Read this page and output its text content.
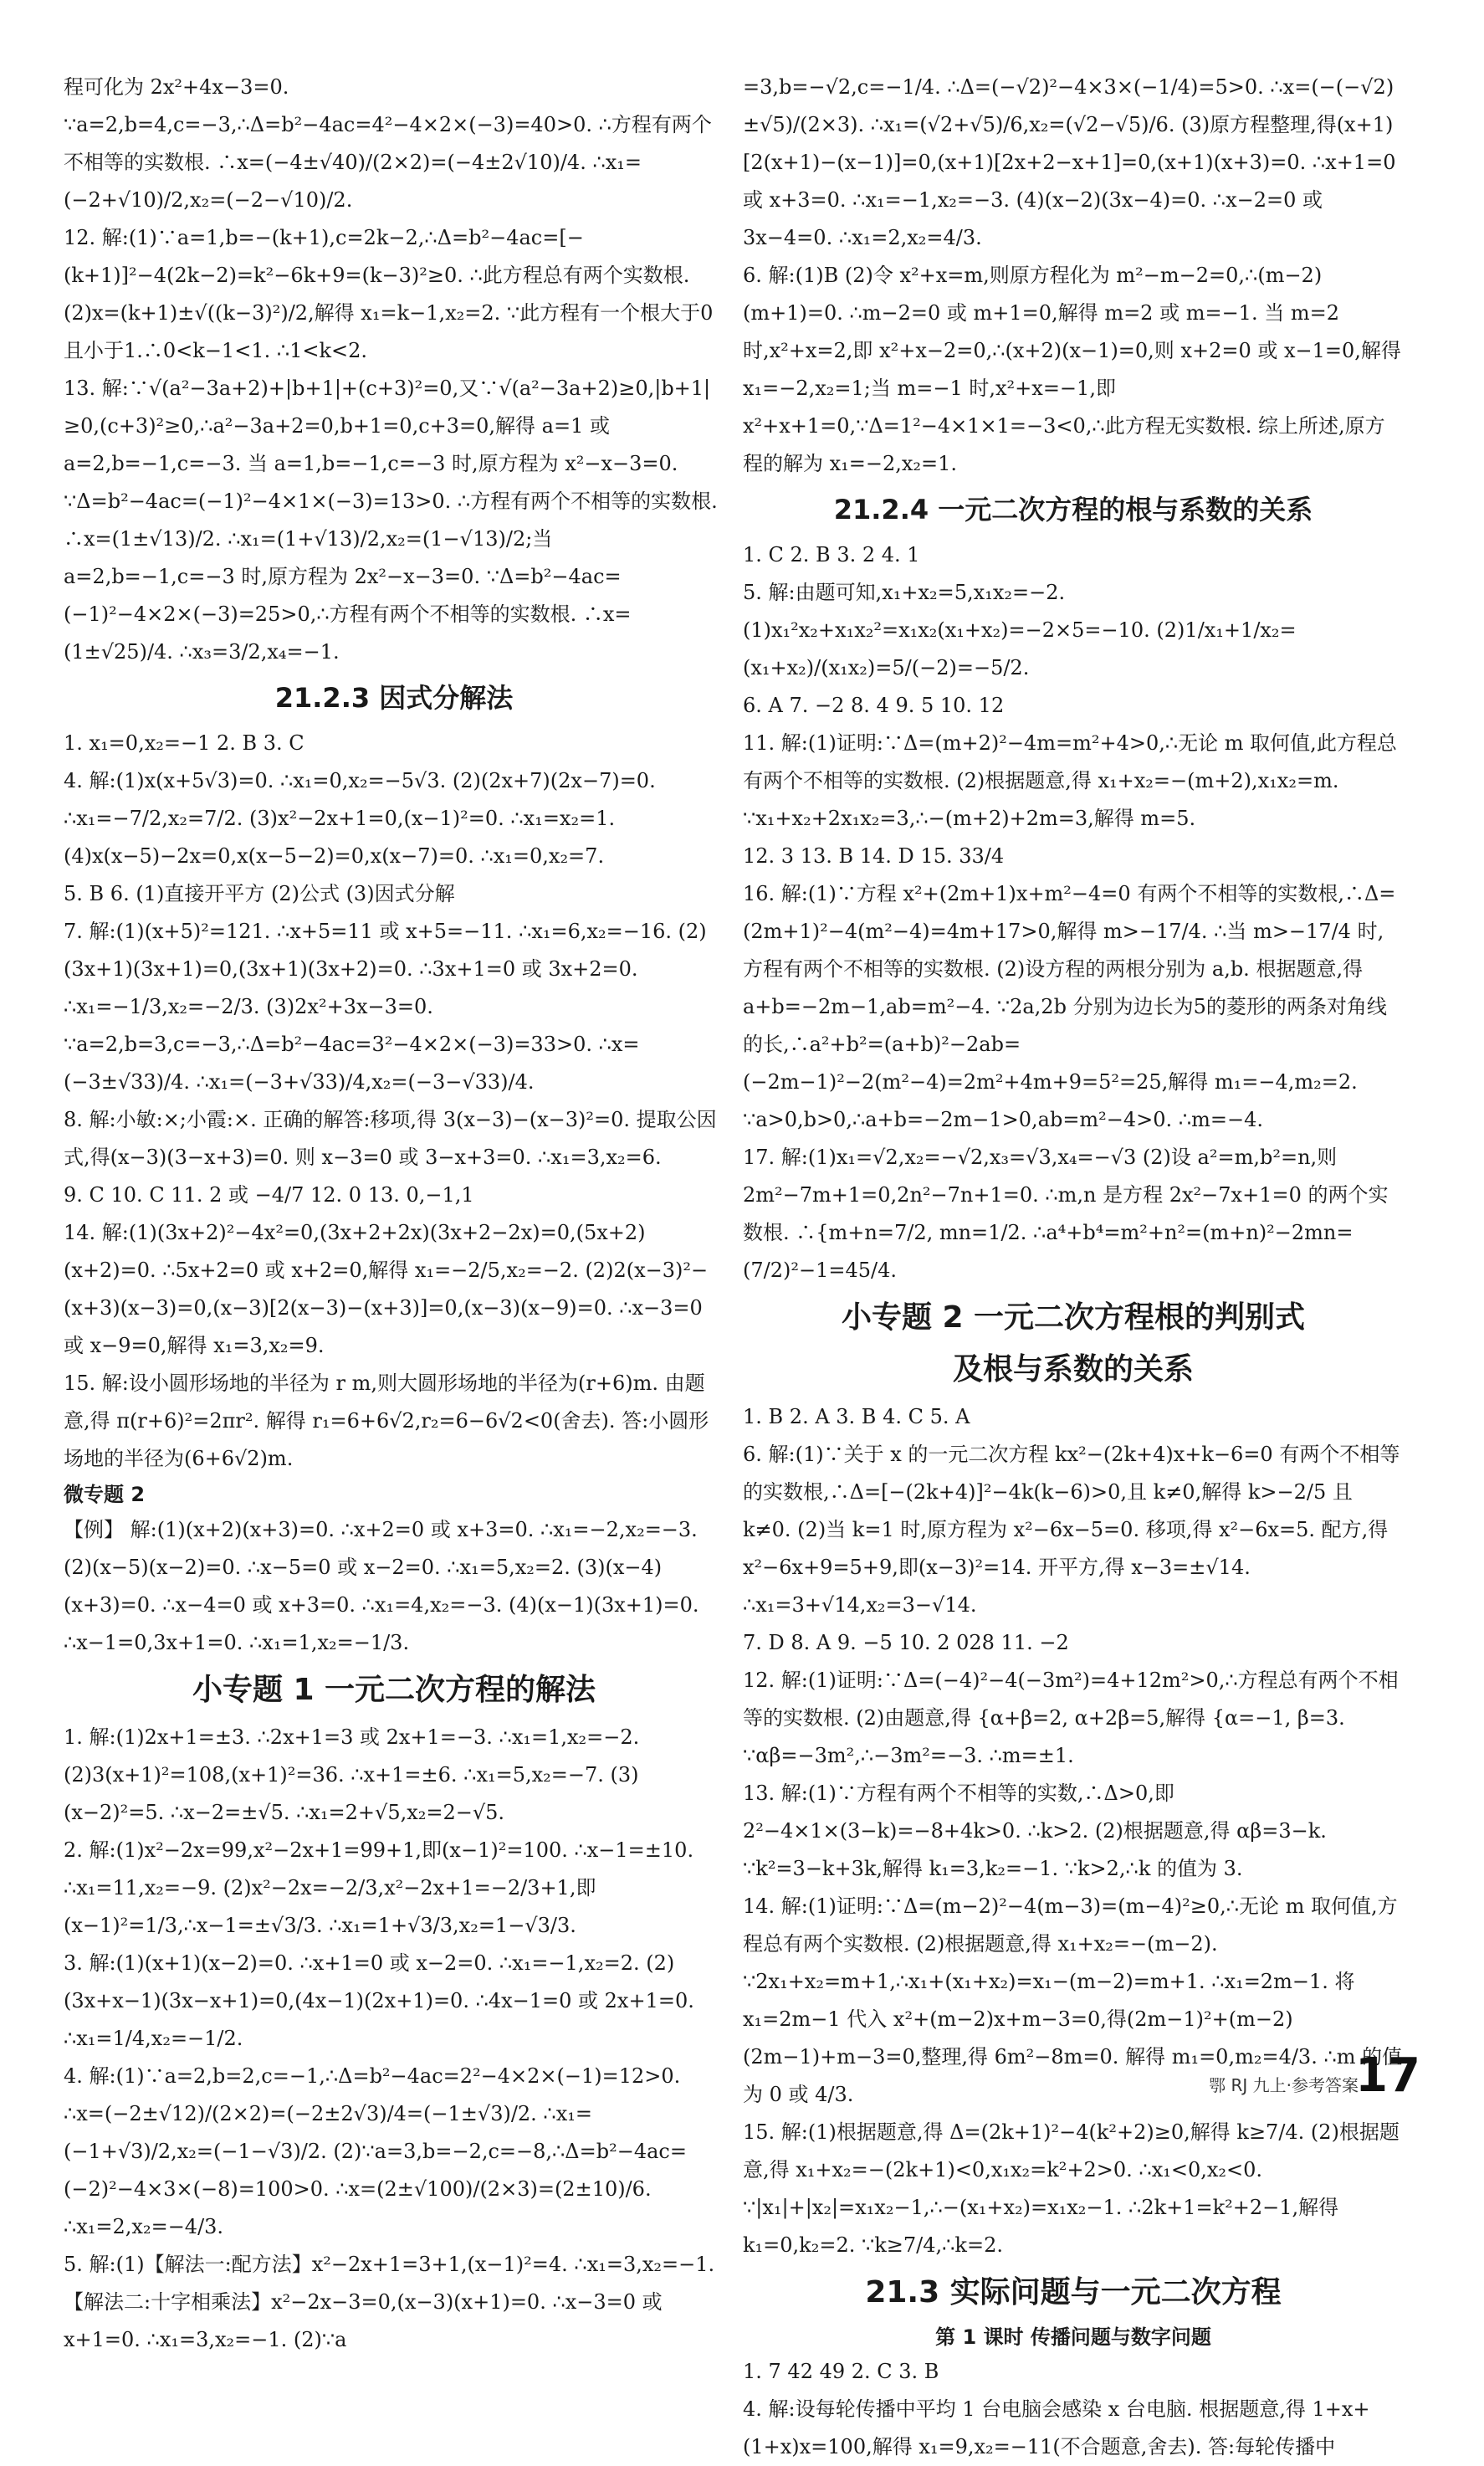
程可化为 2x²+4x−3=0. ∵a=2,b=4,c=−3,∴Δ=b²−4ac=4²−4×2×(−3)=40>0. ∴方程有两个不相等的实数根. ∴x=(−4±√40)/(2×2)=(−4±2√10)/4. ∴x₁=(−2+√10)/2,x₂=(−2−√10)/2.
12. 解:(1)∵a=1,b=−(k+1),c=2k−2,∴Δ=b²−4ac=[−(k+1)]²−4(2k−2)=k²−6k+9=(k−3)²≥0. ∴此方程总有两个实数根. (2)x=(k+1)±√((k−3)²)/2,解得 x₁=k−1,x₂=2. ∵此方程有一个根大于0且小于1.∴0<k−1<1. ∴1<k<2.
13. 解:∵√(a²−3a+2)+|b+1|+(c+3)²=0,又∵√(a²−3a+2)≥0,|b+1|≥0,(c+3)²≥0,∴a²−3a+2=0,b+1=0,c+3=0,解得 a=1 或 a=2,b=−1,c=−3. 当 a=1,b=−1,c=−3 时,原方程为 x²−x−3=0. ∵Δ=b²−4ac=(−1)²−4×1×(−3)=13>0. ∴方程有两个不相等的实数根. ∴x=(1±√13)/2. ∴x₁=(1+√13)/2,x₂=(1−√13)/2;当 a=2,b=−1,c=−3 时,原方程为 2x²−x−3=0. ∵Δ=b²−4ac=(−1)²−4×2×(−3)=25>0,∴方程有两个不相等的实数根. ∴x=(1±√25)/4. ∴x₃=3/2,x₄=−1.
21.2.3 因式分解法
1. x₁=0,x₂=−1 2. B 3. C
4. 解:(1)x(x+5√3)=0. ∴x₁=0,x₂=−5√3. (2)(2x+7)(2x−7)=0. ∴x₁=−7/2,x₂=7/2. (3)x²−2x+1=0,(x−1)²=0. ∴x₁=x₂=1. (4)x(x−5)−2x=0,x(x−5−2)=0,x(x−7)=0. ∴x₁=0,x₂=7.
5. B 6. (1)直接开平方 (2)公式 (3)因式分解
7. 解:(1)(x+5)²=121. ∴x+5=11 或 x+5=−11. ∴x₁=6,x₂=−16. (2)(3x+1)(3x+1)=0,(3x+1)(3x+2)=0. ∴3x+1=0 或 3x+2=0. ∴x₁=−1/3,x₂=−2/3. (3)2x²+3x−3=0. ∵a=2,b=3,c=−3,∴Δ=b²−4ac=3²−4×2×(−3)=33>0. ∴x=(−3±√33)/4. ∴x₁=(−3+√33)/4,x₂=(−3−√33)/4.
8. 解:小敏:×;小霞:×. 正确的解答:移项,得 3(x−3)−(x−3)²=0. 提取公因式,得(x−3)(3−x+3)=0. 则 x−3=0 或 3−x+3=0. ∴x₁=3,x₂=6.
9. C 10. C 11. 2 或 −4/7 12. 0 13. 0,−1,1
14. 解:(1)(3x+2)²−4x²=0,(3x+2+2x)(3x+2−2x)=0,(5x+2)(x+2)=0. ∴5x+2=0 或 x+2=0,解得 x₁=−2/5,x₂=−2. (2)2(x−3)²−(x+3)(x−3)=0,(x−3)[2(x−3)−(x+3)]=0,(x−3)(x−9)=0. ∴x−3=0 或 x−9=0,解得 x₁=3,x₂=9.
15. 解:设小圆形场地的半径为 r m,则大圆形场地的半径为(r+6)m. 由题意,得 π(r+6)²=2πr². 解得 r₁=6+6√2,r₂=6−6√2<0(舍去). 答:小圆形场地的半径为(6+6√2)m.
微专题 2
【例】 解:(1)(x+2)(x+3)=0. ∴x+2=0 或 x+3=0. ∴x₁=−2,x₂=−3. (2)(x−5)(x−2)=0. ∴x−5=0 或 x−2=0. ∴x₁=5,x₂=2. (3)(x−4)(x+3)=0. ∴x−4=0 或 x+3=0. ∴x₁=4,x₂=−3. (4)(x−1)(3x+1)=0. ∴x−1=0,3x+1=0. ∴x₁=1,x₂=−1/3.
小专题 1 一元二次方程的解法
1. 解:(1)2x+1=±3. ∴2x+1=3 或 2x+1=−3. ∴x₁=1,x₂=−2. (2)3(x+1)²=108,(x+1)²=36. ∴x+1=±6. ∴x₁=5,x₂=−7. (3)(x−2)²=5. ∴x−2=±√5. ∴x₁=2+√5,x₂=2−√5.
2. 解:(1)x²−2x=99,x²−2x+1=99+1,即(x−1)²=100. ∴x−1=±10. ∴x₁=11,x₂=−9. (2)x²−2x=−2/3,x²−2x+1=−2/3+1,即(x−1)²=1/3,∴x−1=±√3/3. ∴x₁=1+√3/3,x₂=1−√3/3.
3. 解:(1)(x+1)(x−2)=0. ∴x+1=0 或 x−2=0. ∴x₁=−1,x₂=2. (2)(3x+x−1)(3x−x+1)=0,(4x−1)(2x+1)=0. ∴4x−1=0 或 2x+1=0. ∴x₁=1/4,x₂=−1/2.
4. 解:(1)∵a=2,b=2,c=−1,∴Δ=b²−4ac=2²−4×2×(−1)=12>0. ∴x=(−2±√12)/(2×2)=(−2±2√3)/4=(−1±√3)/2. ∴x₁=(−1+√3)/2,x₂=(−1−√3)/2. (2)∵a=3,b=−2,c=−8,∴Δ=b²−4ac=(−2)²−4×3×(−8)=100>0. ∴x=(2±√100)/(2×3)=(2±10)/6. ∴x₁=2,x₂=−4/3.
5. 解:(1)【解法一:配方法】x²−2x+1=3+1,(x−1)²=4. ∴x₁=3,x₂=−1.【解法二:十字相乘法】x²−2x−3=0,(x−3)(x+1)=0. ∴x−3=0 或 x+1=0. ∴x₁=3,x₂=−1. (2)∵a
=3,b=−√2,c=−1/4. ∴Δ=(−√2)²−4×3×(−1/4)=5>0. ∴x=(−(−√2)±√5)/(2×3). ∴x₁=(√2+√5)/6,x₂=(√2−√5)/6. (3)原方程整理,得(x+1)[2(x+1)−(x−1)]=0,(x+1)[2x+2−x+1]=0,(x+1)(x+3)=0. ∴x+1=0 或 x+3=0. ∴x₁=−1,x₂=−3. (4)(x−2)(3x−4)=0. ∴x−2=0 或 3x−4=0. ∴x₁=2,x₂=4/3.
6. 解:(1)B (2)令 x²+x=m,则原方程化为 m²−m−2=0,∴(m−2)(m+1)=0. ∴m−2=0 或 m+1=0,解得 m=2 或 m=−1. 当 m=2 时,x²+x=2,即 x²+x−2=0,∴(x+2)(x−1)=0,则 x+2=0 或 x−1=0,解得 x₁=−2,x₂=1;当 m=−1 时,x²+x=−1,即 x²+x+1=0,∵Δ=1²−4×1×1=−3<0,∴此方程无实数根. 综上所述,原方程的解为 x₁=−2,x₂=1.
21.2.4 一元二次方程的根与系数的关系
1. C 2. B 3. 2 4. 1
5. 解:由题可知,x₁+x₂=5,x₁x₂=−2. (1)x₁²x₂+x₁x₂²=x₁x₂(x₁+x₂)=−2×5=−10. (2)1/x₁+1/x₂=(x₁+x₂)/(x₁x₂)=5/(−2)=−5/2.
6. A 7. −2 8. 4 9. 5 10. 12
11. 解:(1)证明:∵Δ=(m+2)²−4m=m²+4>0,∴无论 m 取何值,此方程总有两个不相等的实数根. (2)根据题意,得 x₁+x₂=−(m+2),x₁x₂=m. ∵x₁+x₂+2x₁x₂=3,∴−(m+2)+2m=3,解得 m=5.
12. 3 13. B 14. D 15. 33/4
16. 解:(1)∵方程 x²+(2m+1)x+m²−4=0 有两个不相等的实数根,∴Δ=(2m+1)²−4(m²−4)=4m+17>0,解得 m>−17/4. ∴当 m>−17/4 时,方程有两个不相等的实数根. (2)设方程的两根分别为 a,b. 根据题意,得 a+b=−2m−1,ab=m²−4. ∵2a,2b 分别为边长为5的菱形的两条对角线的长,∴a²+b²=(a+b)²−2ab=(−2m−1)²−2(m²−4)=2m²+4m+9=5²=25,解得 m₁=−4,m₂=2. ∵a>0,b>0,∴a+b=−2m−1>0,ab=m²−4>0. ∴m=−4.
17. 解:(1)x₁=√2,x₂=−√2,x₃=√3,x₄=−√3 (2)设 a²=m,b²=n,则 2m²−7m+1=0,2n²−7n+1=0. ∴m,n 是方程 2x²−7x+1=0 的两个实数根. ∴{m+n=7/2, mn=1/2. ∴a⁴+b⁴=m²+n²=(m+n)²−2mn=(7/2)²−1=45/4.
小专题 2 一元二次方程根的判别式
及根与系数的关系
1. B 2. A 3. B 4. C 5. A
6. 解:(1)∵关于 x 的一元二次方程 kx²−(2k+4)x+k−6=0 有两个不相等的实数根,∴Δ=[−(2k+4)]²−4k(k−6)>0,且 k≠0,解得 k>−2/5 且 k≠0. (2)当 k=1 时,原方程为 x²−6x−5=0. 移项,得 x²−6x=5. 配方,得 x²−6x+9=5+9,即(x−3)²=14. 开平方,得 x−3=±√14. ∴x₁=3+√14,x₂=3−√14.
7. D 8. A 9. −5 10. 2 028 11. −2
12. 解:(1)证明:∵Δ=(−4)²−4(−3m²)=4+12m²>0,∴方程总有两个不相等的实数根. (2)由题意,得 {α+β=2, α+2β=5,解得 {α=−1, β=3. ∵αβ=−3m²,∴−3m²=−3. ∴m=±1.
13. 解:(1)∵方程有两个不相等的实数,∴Δ>0,即 2²−4×1×(3−k)=−8+4k>0. ∴k>2. (2)根据题意,得 αβ=3−k. ∵k²=3−k+3k,解得 k₁=3,k₂=−1. ∵k>2,∴k 的值为 3.
14. 解:(1)证明:∵Δ=(m−2)²−4(m−3)=(m−4)²≥0,∴无论 m 取何值,方程总有两个实数根. (2)根据题意,得 x₁+x₂=−(m−2). ∵2x₁+x₂=m+1,∴x₁+(x₁+x₂)=x₁−(m−2)=m+1. ∴x₁=2m−1. 将 x₁=2m−1 代入 x²+(m−2)x+m−3=0,得(2m−1)²+(m−2)(2m−1)+m−3=0,整理,得 6m²−8m=0. 解得 m₁=0,m₂=4/3. ∴m 的值为 0 或 4/3.
15. 解:(1)根据题意,得 Δ=(2k+1)²−4(k²+2)≥0,解得 k≥7/4. (2)根据题意,得 x₁+x₂=−(2k+1)<0,x₁x₂=k²+2>0. ∴x₁<0,x₂<0. ∵|x₁|+|x₂|=x₁x₂−1,∴−(x₁+x₂)=x₁x₂−1. ∴2k+1=k²+2−1,解得 k₁=0,k₂=2. ∵k≥7/4,∴k=2.
21.3 实际问题与一元二次方程
第 1 课时 传播问题与数字问题
1. 7 42 49 2. C 3. B
4. 解:设每轮传播中平均 1 台电脑会感染 x 台电脑. 根据题意,得 1+x+(1+x)x=100,解得 x₁=9,x₂=−11(不合题意,舍去). 答:每轮传播中
鄂 RJ 九上·参考答案
17
